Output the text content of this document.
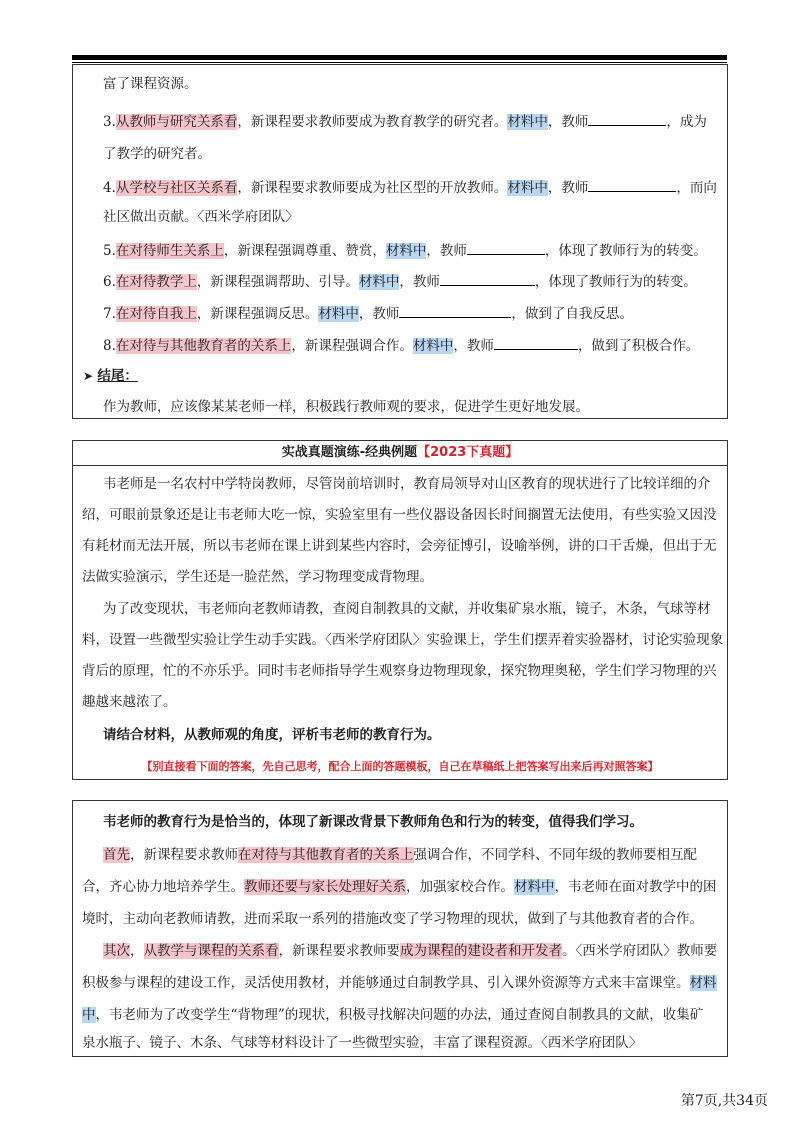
富了课程资源。
3.从教师与研究关系看，新课程要求教师要成为教育教学的研究者。材料中，教师	，成为
了教学的研究者。
4.从学校与社区关系看，新课程要求教师要成为社区型的开放教师。材料中，教师	，而向
社区做出贡献。〈西米学府团队〉
5.在对待师生关系上，新课程强调尊重、赞赏，材料中，教师	，体现了教师行为的转变。
6.在对待教学上，新课程强调帮助、引导。材料中，教师	，体现了教师行为的转变。
7.在对待自我上，新课程强调反思。材料中，教师	，做到了自我反思。
8.在对待与其他教育者的关系上，新课程强调合作。材料中，教师	，做到了积极合作。
➤ 结尾：
作为教师，应该像某某老师一样，积极践行教师观的要求，促进学生更好地发展。
实战真题演练-经典例题【2023下真题】
韦老师是一名农村中学特岗教师，尽管岗前培训时，教育局领导对山区教育的现状进行了比较详细的介
绍，可眼前景象还是让韦老师大吃一惊，实验室里有一些仪器设备因长时间搁置无法使用，有些实验又因没
有耗材而无法开展，所以韦老师在课上讲到某些内容时，会旁征博引，设喻举例，讲的口干舌燥，但出于无
法做实验演示，学生还是一脸茫然，学习物理变成背物理。
为了改变现状，韦老师向老教师请教，查阅自制教具的文献，并收集矿泉水瓶，镜子，木条，气球等材
料，设置一些微型实验让学生动手实践。〈西米学府团队〉实验课上，学生们摆弄着实验器材，讨论实验现象
背后的原理，忙的不亦乐乎。同时韦老师指导学生观察身边物理现象，探究物理奥秘，学生们学习物理的兴
趣越来越浓了。
请结合材料，从教师观的角度，评析韦老师的教育行为。
【别直接看下面的答案，先自己思考，配合上面的答题模板，自己在草稿纸上把答案写出来后再对照答案】
韦老师的教育行为是恰当的，体现了新课改背景下教师角色和行为的转变，值得我们学习。
首先，新课程要求教师在对待与其他教育者的关系上强调合作，不同学科、不同年级的教师要相互配
合，齐心协力地培养学生。教师还要与家长处理好关系，加强家校合作。材料中，韦老师在面对教学中的困
境时，主动向老教师请教，进而采取一系列的措施改变了学习物理的现状，做到了与其他教育者的合作。
其次，从教学与课程的关系看，新课程要求教师要成为课程的建设者和开发者。〈西米学府团队〉教师要
积极参与课程的建设工作，灵活使用教材，并能够通过自制教学具、引入课外资源等方式来丰富课堂。材料
中，韦老师为了改变学生“背物理”的现状，积极寻找解决问题的办法，通过查阅自制教具的文献，收集矿
泉水瓶子、镜子、木条、气球等材料设计了一些微型实验，丰富了课程资源。〈西米学府团队〉
第7页,共34页
